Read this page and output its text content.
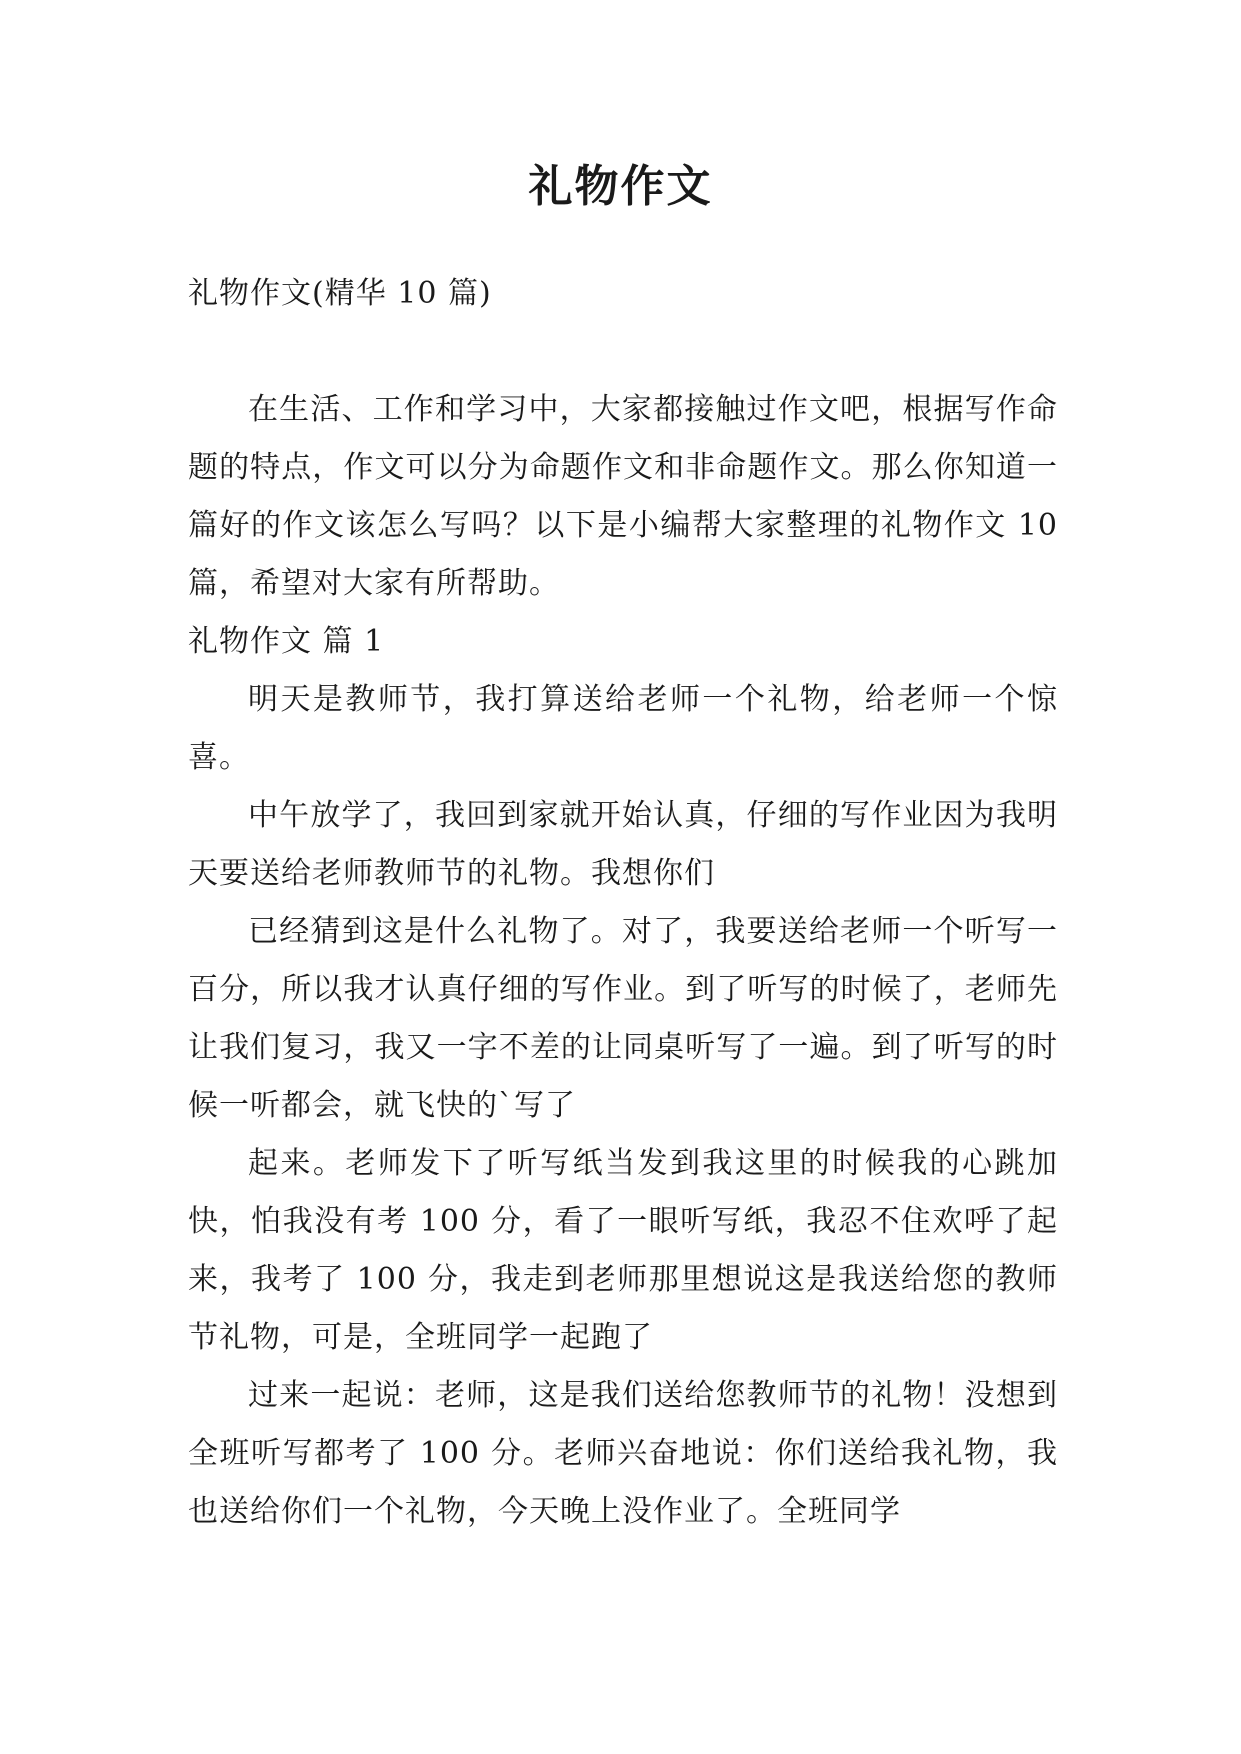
礼物作文

礼物作文(精华 10 篇)

在生活、工作和学习中，大家都接触过作文吧，根据写作命题的特点，作文可以分为命题作文和非命题作文。那么你知道一篇好的作文该怎么写吗？以下是小编帮大家整理的礼物作文 10 篇，希望对大家有所帮助。

礼物作文 篇 1

明天是教师节，我打算送给老师一个礼物，给老师一个惊喜。

中午放学了，我回到家就开始认真，仔细的写作业因为我明天要送给老师教师节的礼物。我想你们

已经猜到这是什么礼物了。对了，我要送给老师一个听写一百分，所以我才认真仔细的写作业。到了听写的时候了，老师先让我们复习，我又一字不差的让同桌听写了一遍。到了听写的时候一听都会，就飞快的`写了

起来。老师发下了听写纸当发到我这里的时候我的心跳加快，怕我没有考 100 分，看了一眼听写纸，我忍不住欢呼了起来，我考了 100 分，我走到老师那里想说这是我送给您的教师节礼物，可是，全班同学一起跑了

过来一起说：老师，这是我们送给您教师节的礼物！没想到全班听写都考了 100 分。老师兴奋地说：你们送给我礼物，我也送给你们一个礼物，今天晚上没作业了。全班同学
